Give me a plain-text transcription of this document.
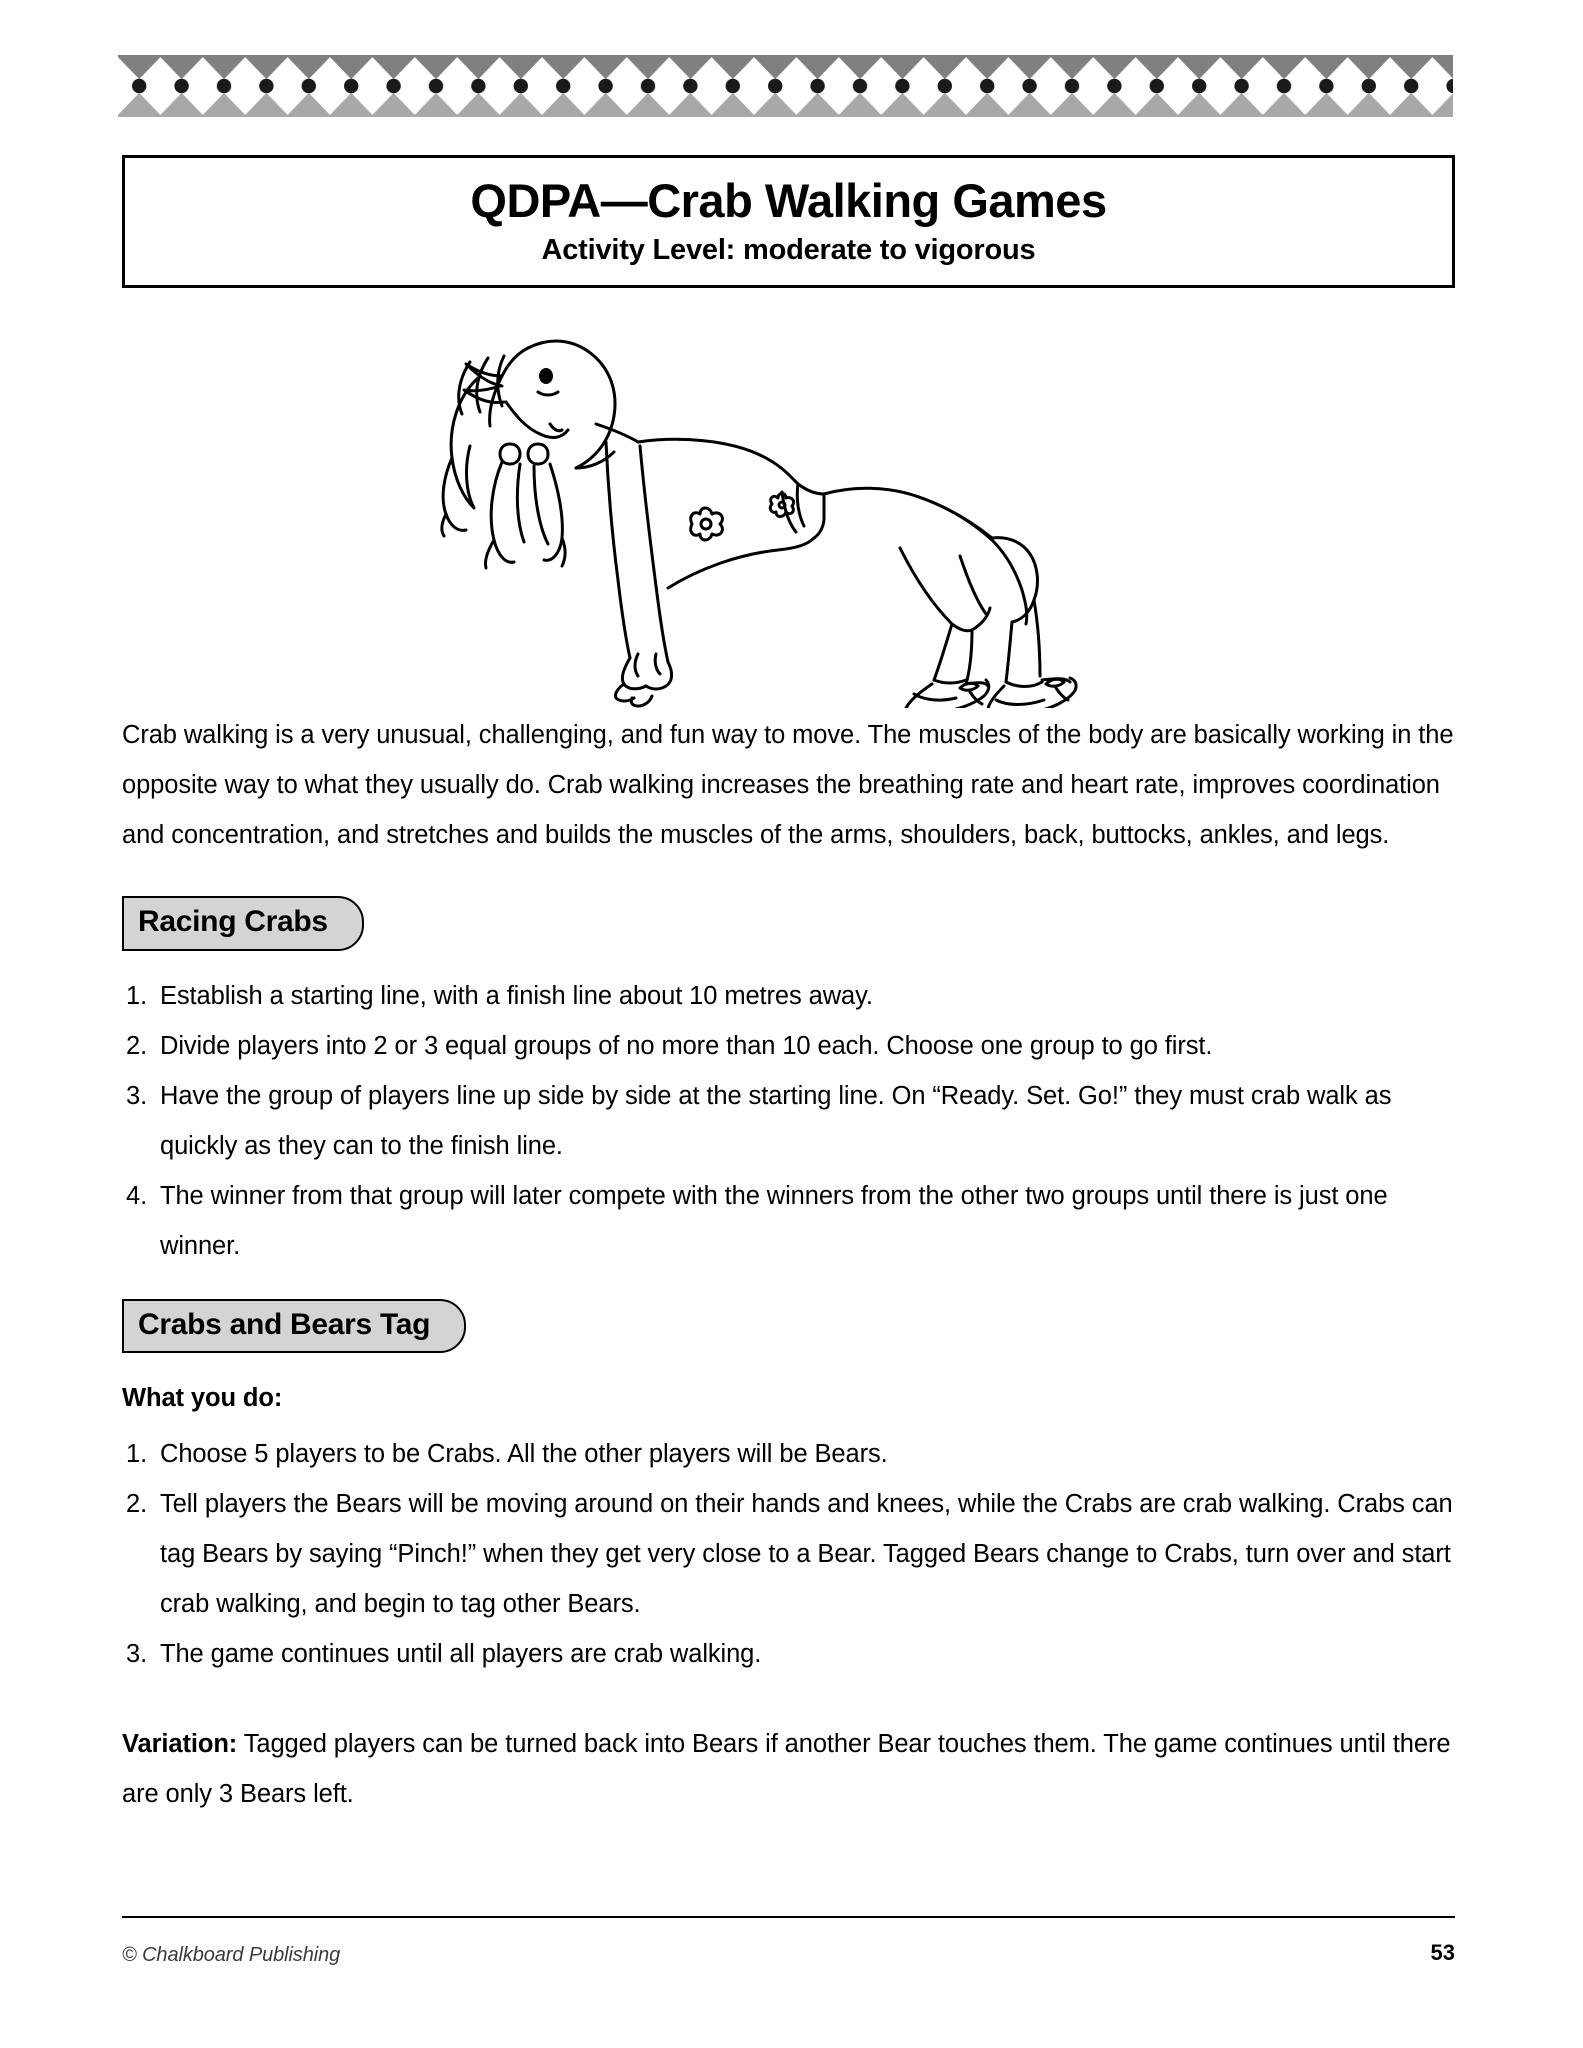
QDPA—Crab Walking Games
Activity Level: moderate to vigorous

Crab walking is a very unusual, challenging, and fun way to move. The muscles of the body are basically working in the opposite way to what they usually do. Crab walking increases the breathing rate and heart rate, improves coordination and concentration, and stretches and builds the muscles of the arms, shoulders, back, buttocks, ankles, and legs.

Racing Crabs
Establish a starting line, with a finish line about 10 metres away.
Divide players into 2 or 3 equal groups of no more than 10 each. Choose one group to go first.
Have the group of players line up side by side at the starting line. On “Ready. Set. Go!” they must crab walk as quickly as they can to the finish line.
The winner from that group will later compete with the winners from the other two groups until there is just one winner.
Crabs and Bears Tag
What you do:
Choose 5 players to be Crabs. All the other players will be Bears.
Tell players the Bears will be moving around on their hands and knees, while the Crabs are crab walking. Crabs can tag Bears by saying “Pinch!” when they get very close to a Bear. Tagged Bears change to Crabs, turn over and start crab walking, and begin to tag other Bears.
The game continues until all players are crab walking.

Variation: Tagged players can be turned back into Bears if another Bear touches them. The game continues until there are only 3 Bears left.

© Chalkboard Publishing	53
